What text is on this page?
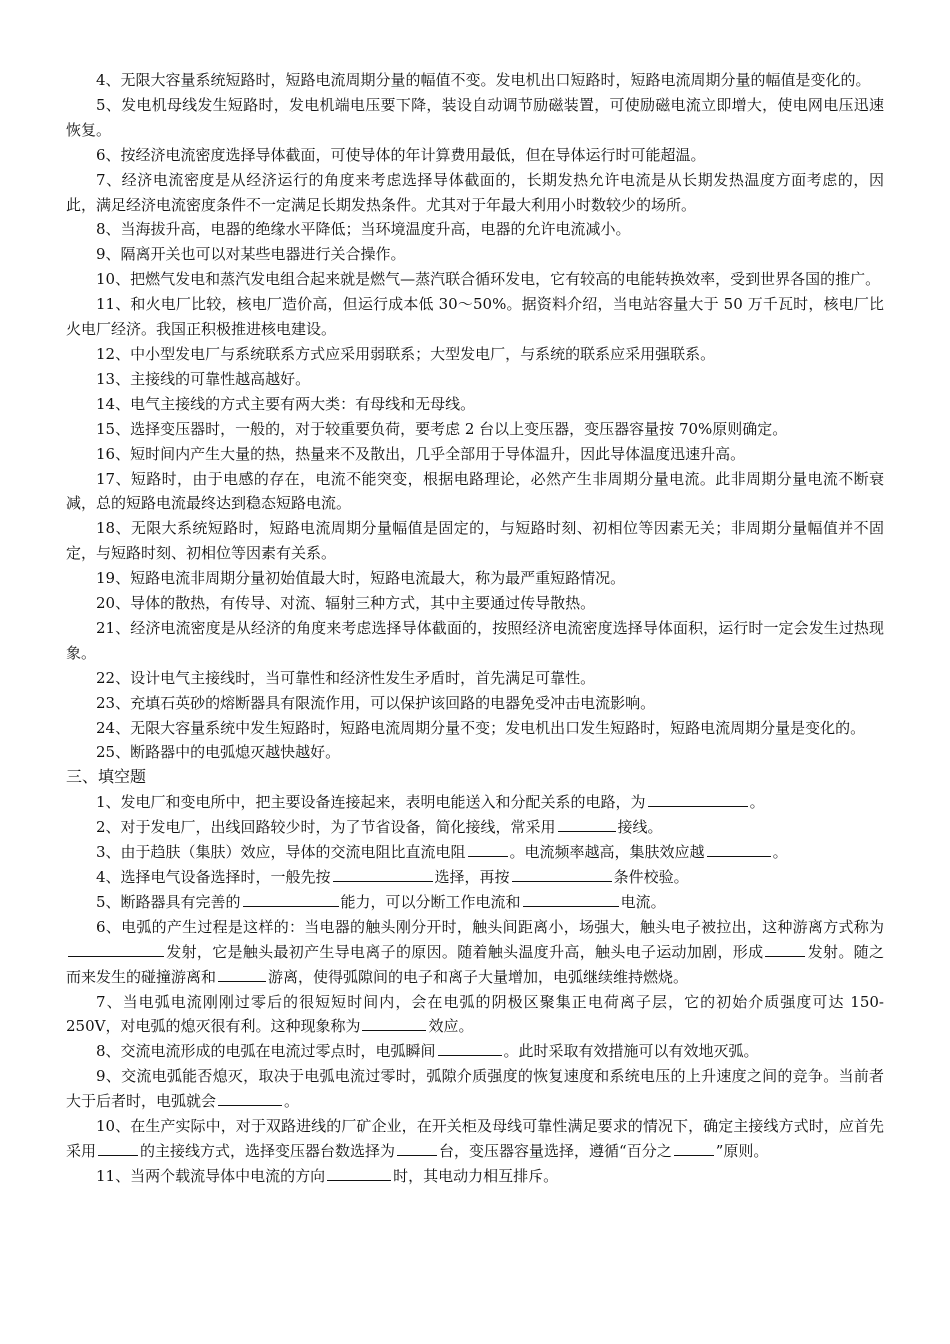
4、无限大容量系统短路时，短路电流周期分量的幅值不变。发电机出口短路时，短路电流周期分量的幅值是变化的。

5、发电机母线发生短路时，发电机端电压要下降，装设自动调节励磁装置，可使励磁电流立即增大，使电网电压迅速恢复。

6、按经济电流密度选择导体截面，可使导体的年计算费用最低，但在导体运行时可能超温。

7、经济电流密度是从经济运行的角度来考虑选择导体截面的，长期发热允许电流是从长期发热温度方面考虑的，因此，满足经济电流密度条件不一定满足长期发热条件。尤其对于年最大利用小时数较少的场所。

8、当海拔升高，电器的绝缘水平降低；当环境温度升高，电器的允许电流减小。

9、隔离开关也可以对某些电器进行关合操作。

10、把燃气发电和蒸汽发电组合起来就是燃气—蒸汽联合循环发电，它有较高的电能转换效率，受到世界各国的推广。

11、和火电厂比较，核电厂造价高，但运行成本低 30～50%。据资料介绍，当电站容量大于 50 万千瓦时，核电厂比火电厂经济。我国正积极推进核电建设。

12、中小型发电厂与系统联系方式应采用弱联系；大型发电厂，与系统的联系应采用强联系。

13、主接线的可靠性越高越好。

14、电气主接线的方式主要有两大类：有母线和无母线。

15、选择变压器时，一般的，对于较重要负荷，要考虑 2 台以上变压器，变压器容量按 70%原则确定。

16、短时间内产生大量的热，热量来不及散出，几乎全部用于导体温升，因此导体温度迅速升高。

17、短路时，由于电感的存在，电流不能突变，根据电路理论，必然产生非周期分量电流。此非周期分量电流不断衰减，总的短路电流最终达到稳态短路电流。

18、无限大系统短路时，短路电流周期分量幅值是固定的，与短路时刻、初相位等因素无关；非周期分量幅值并不固定，与短路时刻、初相位等因素有关系。

19、短路电流非周期分量初始值最大时，短路电流最大，称为最严重短路情况。

20、导体的散热，有传导、对流、辐射三种方式，其中主要通过传导散热。

21、经济电流密度是从经济的角度来考虑选择导体截面的，按照经济电流密度选择导体面积，运行时一定会发生过热现象。

22、设计电气主接线时，当可靠性和经济性发生矛盾时，首先满足可靠性。

23、充填石英砂的熔断器具有限流作用，可以保护该回路的电器免受冲击电流影响。

24、无限大容量系统中发生短路时，短路电流周期分量不变；发电机出口发生短路时，短路电流周期分量是变化的。

25、断路器中的电弧熄灭越快越好。

三、填空题

1、发电厂和变电所中，把主要设备连接起来，表明电能送入和分配关系的电路，为	。

2、对于发电厂，出线回路较少时，为了节省设备，简化接线，常采用	接线。

3、由于趋肤（集肤）效应，导体的交流电阻比直流电阻	。电流频率越高，集肤效应越	。

4、选择电气设备选择时，一般先按	选择，再按	条件校验。

5、断路器具有完善的	能力，可以分断工作电流和	电流。

6、电弧的产生过程是这样的：当电器的触头刚分开时，触头间距离小，场强大，触头电子被拉出，这种游离方式称为发射，它是触头最初产生导电离子的原因。随着触头温度升高，触头电子运动加剧，形成	发射。随之而来发生的碰撞游离和	游离，使得弧隙间的电子和离子大量增加，电弧继续维持燃烧。

7、当电弧电流刚刚过零后的很短短时间内，会在电弧的阴极区聚集正电荷离子层，它的初始介质强度可达 150-250V，对电弧的熄灭很有利。这种现象称为	效应。

8、交流电流形成的电弧在电流过零点时，电弧瞬间	。此时采取有效措施可以有效地灭弧。

9、交流电弧能否熄灭，取决于电弧电流过零时，弧隙介质强度的恢复速度和系统电压的上升速度之间的竞争。当前者大于后者时，电弧就会	。

10、在生产实际中，对于双路进线的厂矿企业，在开关柜及母线可靠性满足要求的情况下，确定主接线方式时，应首先采用	的主接线方式，选择变压器台数选择为	台，变压器容量选择，遵循“百分之	”原则。

11、当两个载流导体中电流的方向	时，其电动力相互排斥。
